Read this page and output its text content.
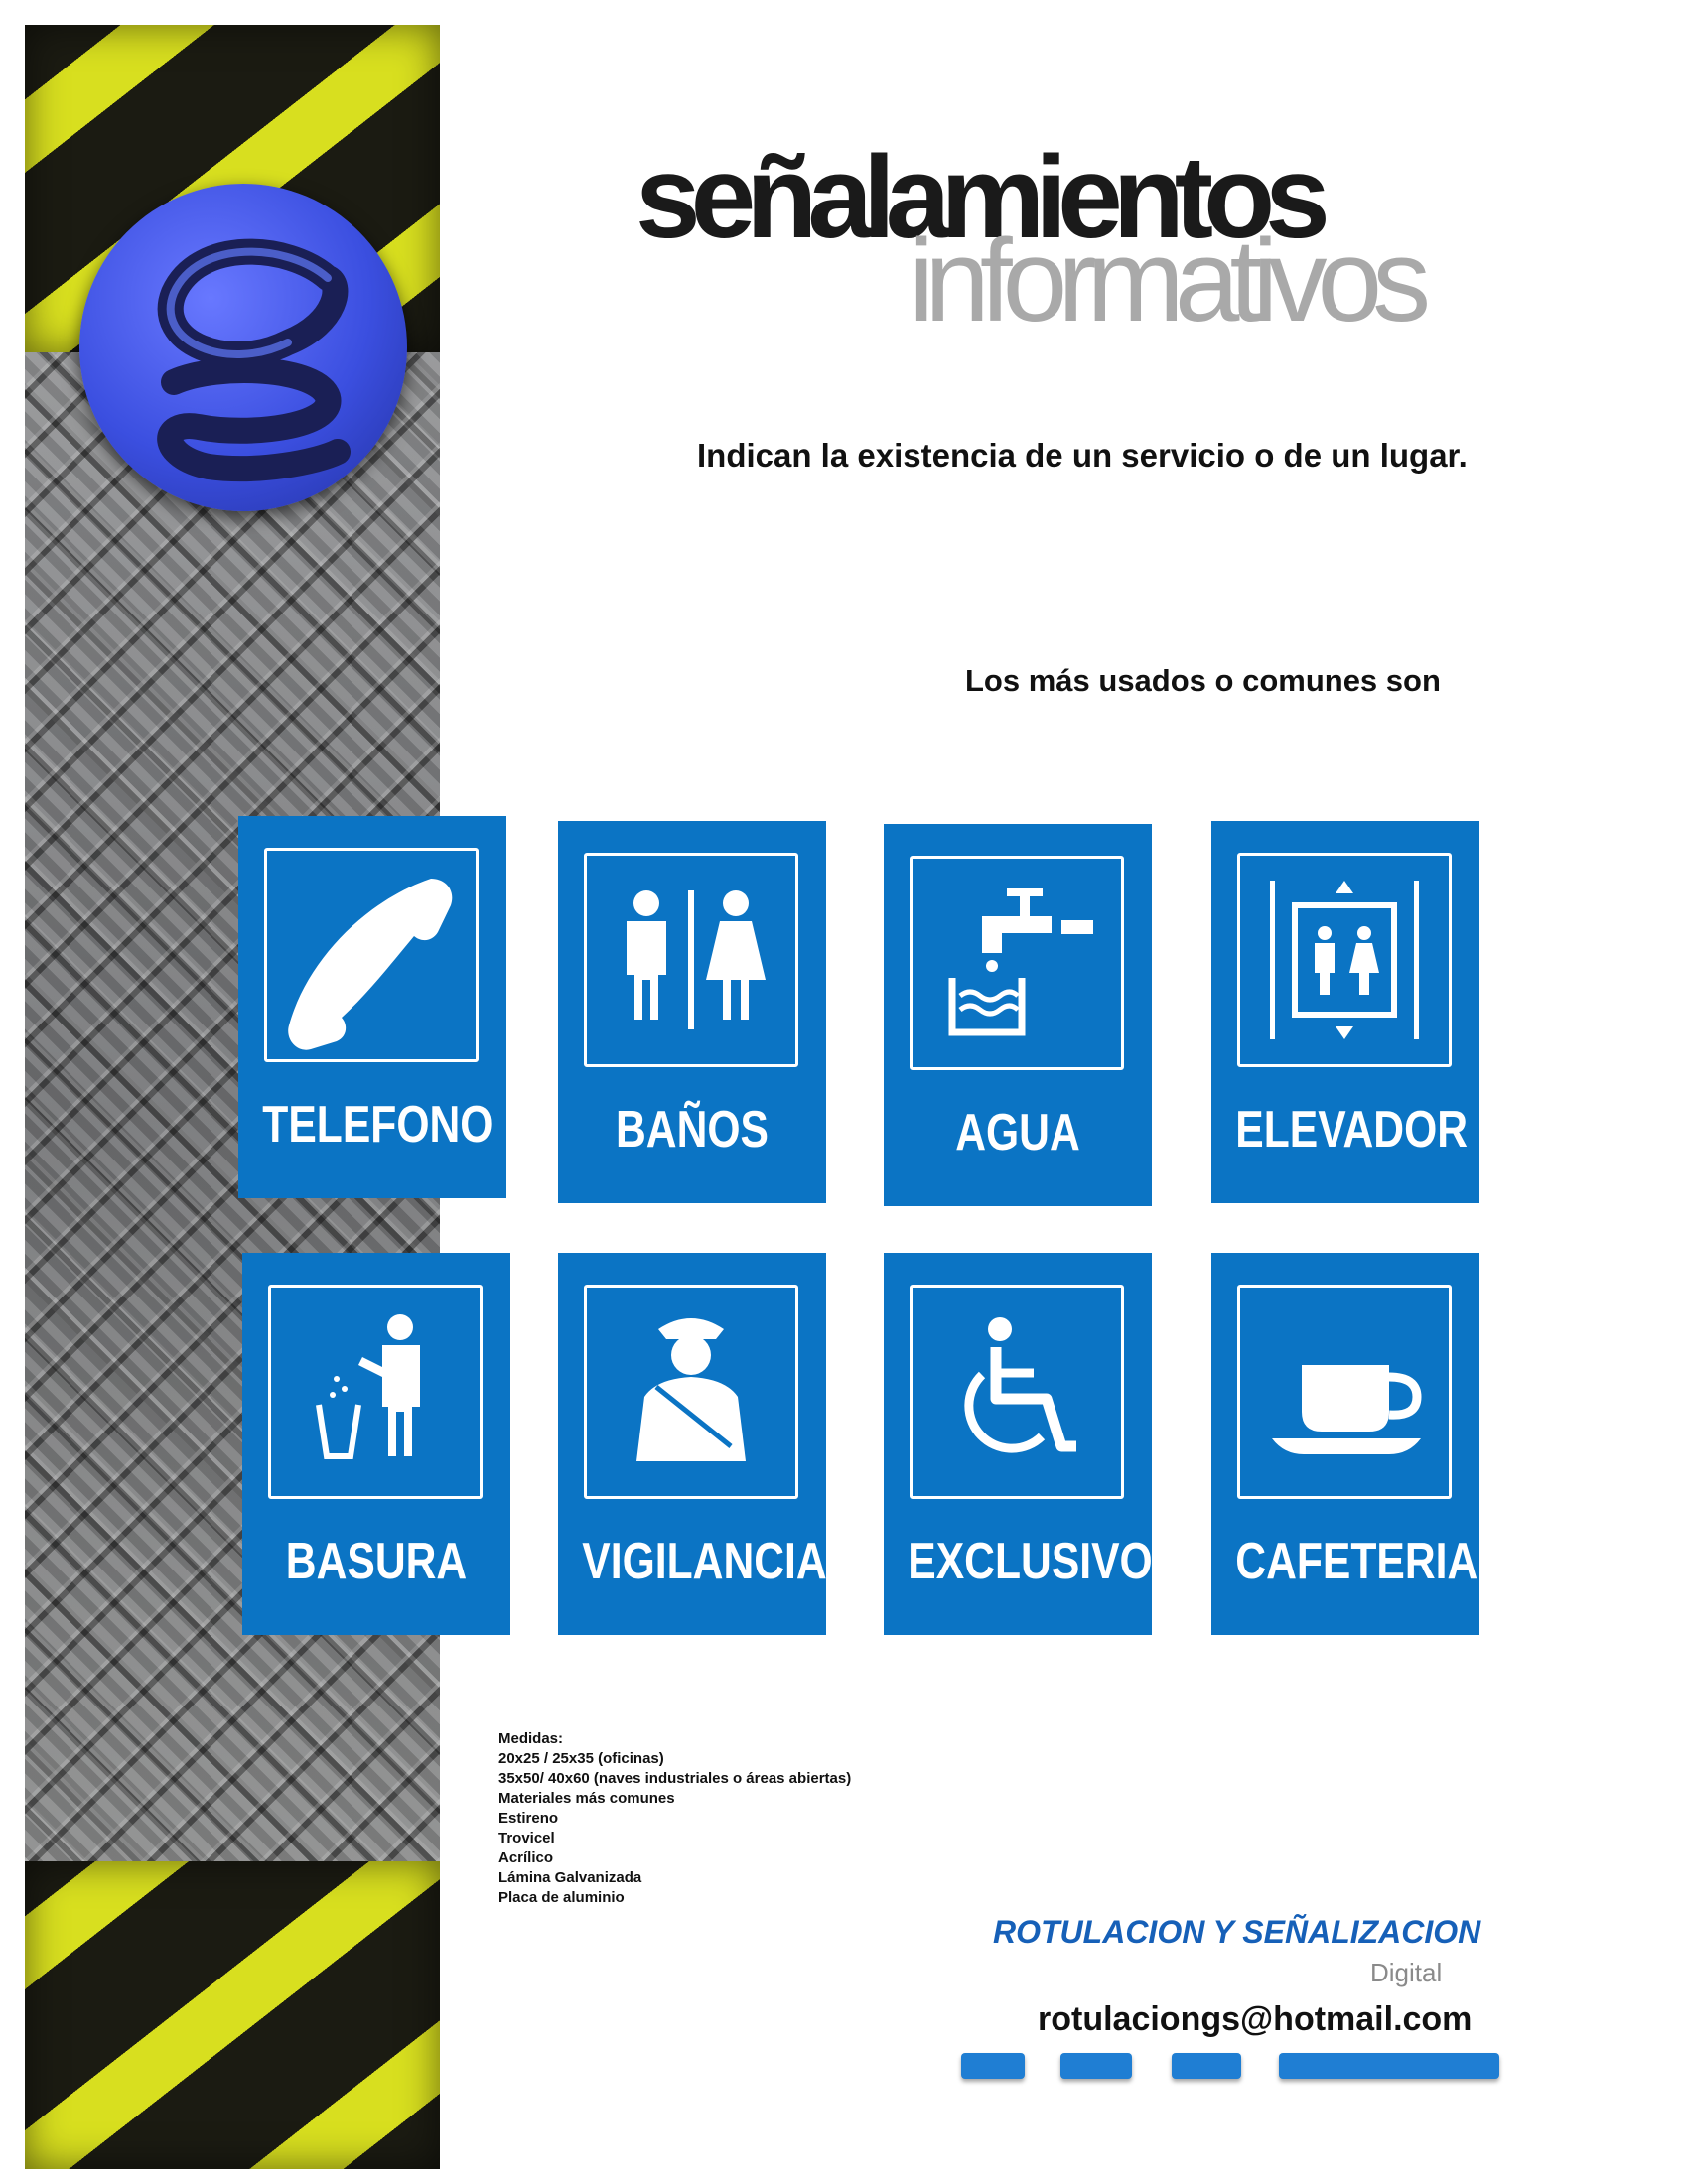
señalamientos
informativos
Indican la existencia de un servicio o de un lugar.
Los más usados o comunes son
TELEFONO	BAÑOS	AGUA	ELEVADOR
BASURA	VIGILANCIA EXCLUSIVO CAFETERIA
Medidas:
20x25 / 25x35 (oficinas)
35x50/ 40x60 (naves industriales o áreas abiertas)
Materiales más comunes
Estireno
Trovicel
Acrílico
Lámina Galvanizada
Placa de aluminio
ROTULACION Y SEÑALIZACION
Digital
rotulaciongs@hotmail.com
